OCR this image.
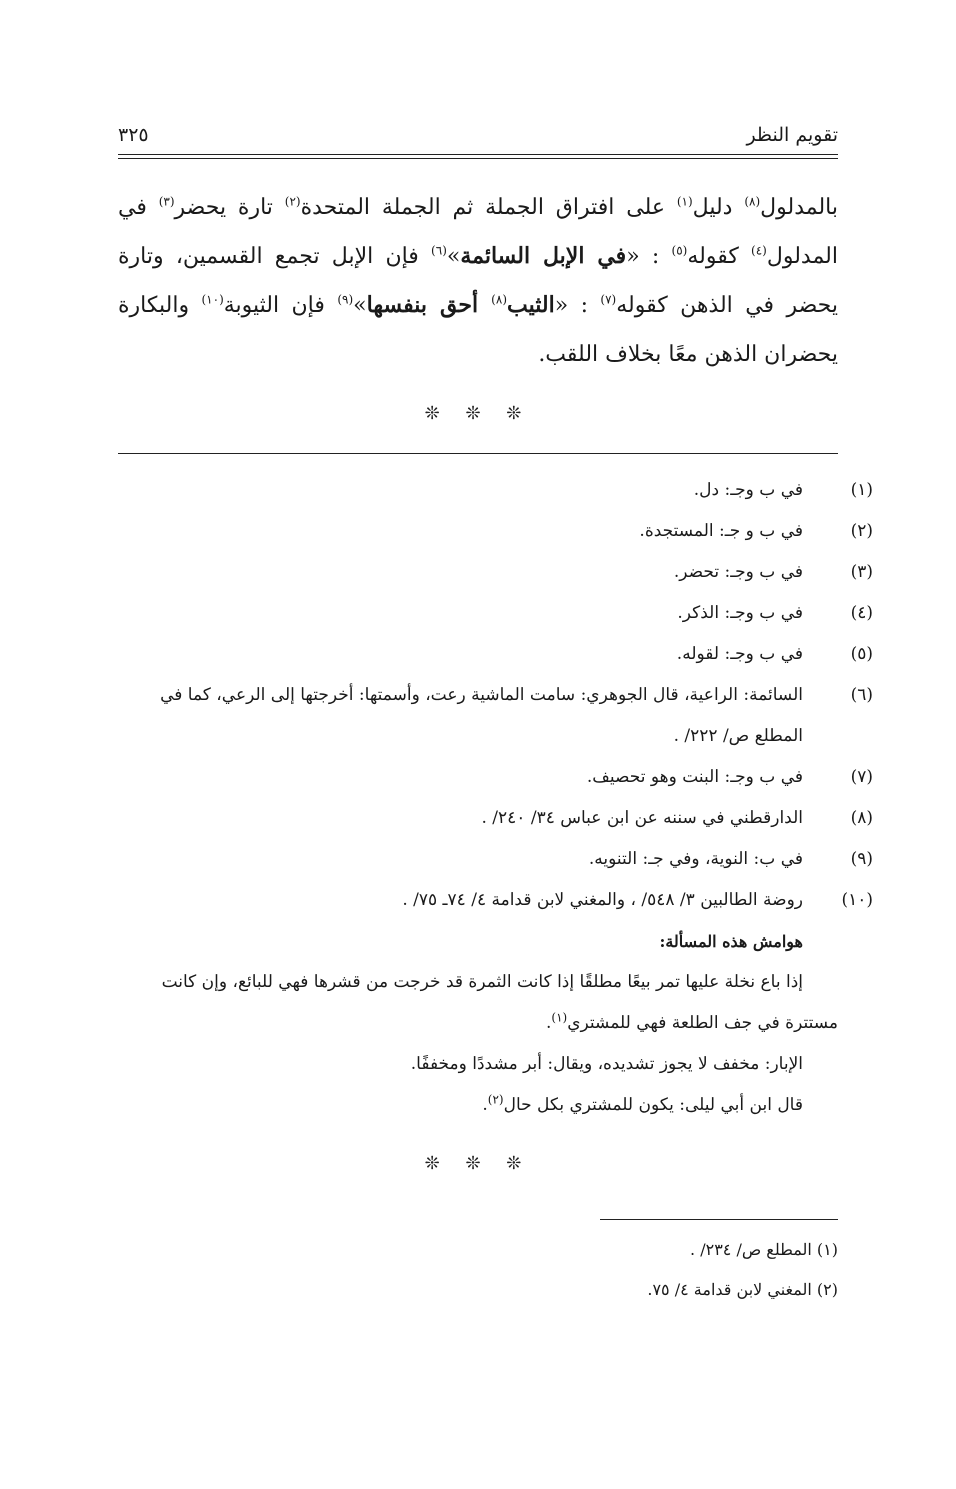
تقويم النظر
٣٢٥

بالمدلول$^{(٨)}$ دليل$^{(١)}$ على افتراق الجملة ثم الجملة المتحدة$^{(٢)}$ تارة يحضر$^{(٣)}$ في المدلول$^{(٤)}$ كقوله$^{(٥)}$ : «في الإبل السائمة»$^{(٦)}$ فإن الإبل تجمع القسمين، وتارة يحضر في الذهن كقوله$^{(٧)}$ : «الثيب$^{(٨)}$ أحق بنفسها»$^{(٩)}$ فإن الثيوبة$^{(١٠)}$ والبكارة يحضران الذهن معًا بخلاف اللقب.

❊ ❊ ❊

(١)في ب وجـ: دل.

(٢)في ب و جـ: المستجدة.

(٣)في ب وجـ: تحضر.

(٤)في ب وجـ: الذكر.

(٥)في ب وجـ: لقوله.

(٦)السائمة: الراعية، قال الجوهري: سامت الماشية رعت، وأسمتها: أخرجتها إلى الرعي، كما في المطلع ص/ ٢٢٢/ .

(٧)في ب وجـ: البنت وهو تحصيف.

(٨)الدارقطني في سننه عن ابن عباس ٣٤/ ٢٤٠/ .

(٩)في ب: النوية، وفي جـ: التنويه.

(١٠)روضة الطالبين ٣/ ٥٤٨/ ، والمغني لابن قدامة ٤/ ٧٤ـ ٧٥/ .

هوامش هذه المسألة:

إذا باع نخلة عليها تمر بيعًا مطلقًا إذا كانت الثمرة قد خرجت من قشرها فهي للبائع، وإن كانت مستترة في جف الطلعة فهي للمشتري$^{(١)}$.

الإبار: مخفف لا يجوز تشديده، ويقال: أبر مشددًا ومخففًا.

قال ابن أبي ليلى: يكون للمشتري بكل حال$^{(٢)}$.

❊ ❊ ❊

(١) المطلع ص/ ٢٣٤/ .

(٢) المغني لابن قدامة ٤/ ٧٥.
